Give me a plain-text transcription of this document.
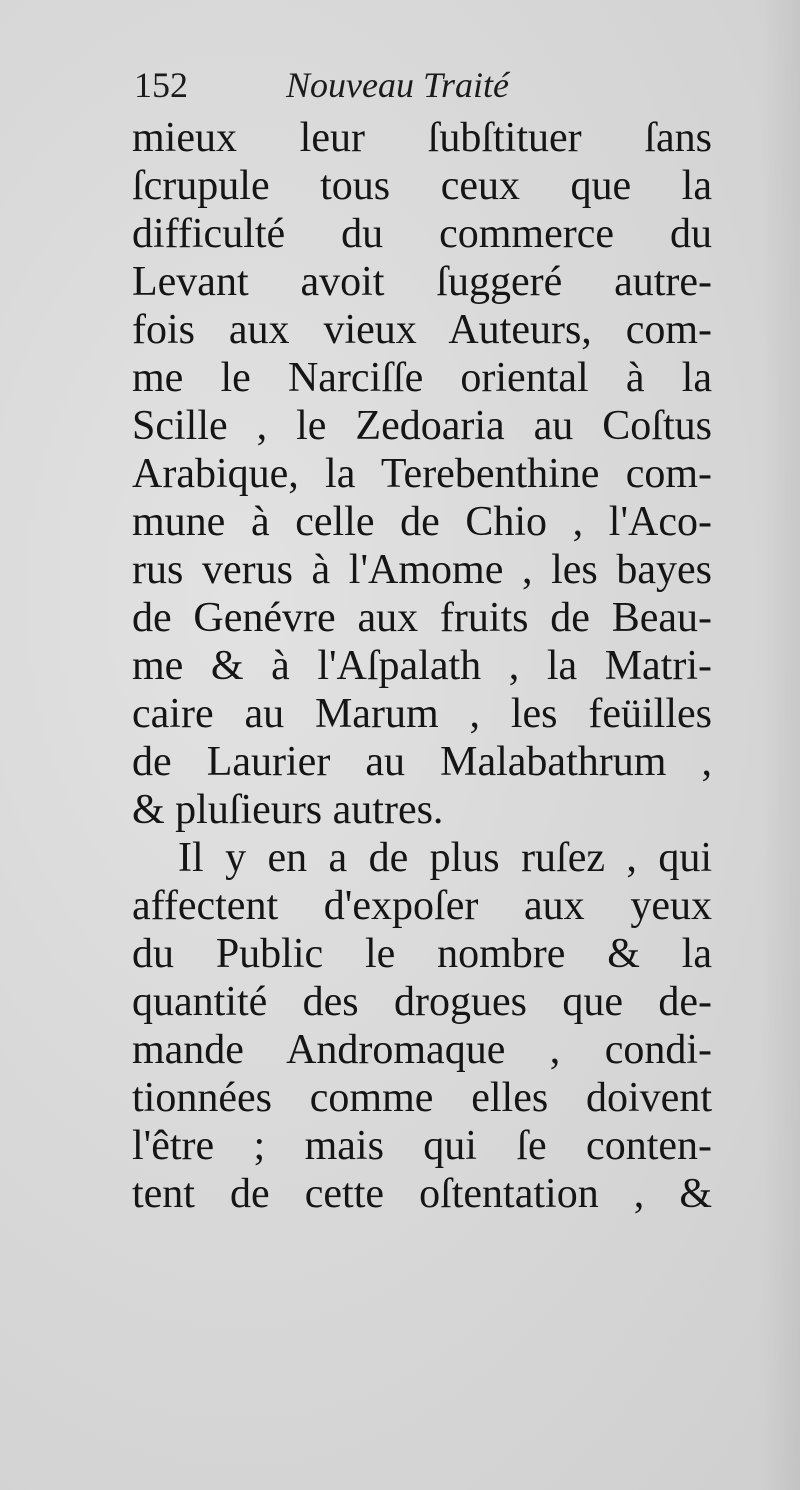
152	Nouveau Traité
mieux leur ſubſtituer ſans
ſcrupule tous ceux que la
difficulté du commerce du
Levant avoit ſuggeré autre-
fois aux vieux Auteurs, com-
me le Narciſſe oriental à la
Scille , le Zedoaria au Coſtus
Arabique, la Terebenthine com-
mune à celle de Chio , l'Aco-
rus verus à l'Amome , les bayes
de Genévre aux fruits de Beau-
me & à l'Aſpalath , la Matri-
caire au Marum , les feüilles
de Laurier au Malabathrum ,
& pluſieurs autres.
Il y en a de plus ruſez , qui
affectent d'expoſer aux yeux
du Public le nombre & la
quantité des drogues que de-
mande Andromaque , condi-
tionnées comme elles doivent
l'être ; mais qui ſe conten-
tent de cette oſtentation , &
